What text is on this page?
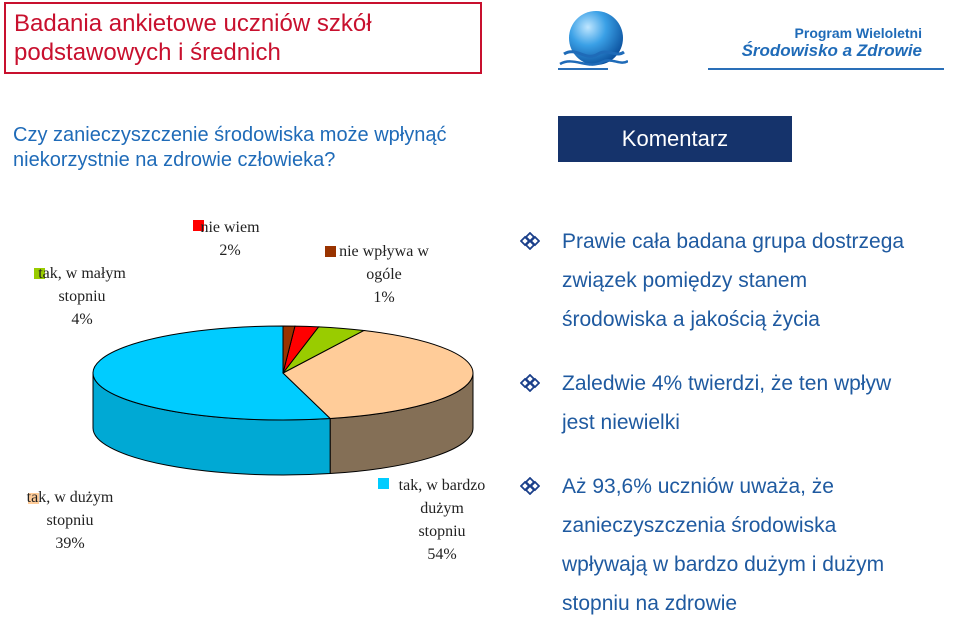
Badania ankietowe uczniów szkół
podstawowych i średnich
Program Wieloletni
Środowisko a Zdrowie
Czy zanieczyszczenie środowiska może wpłynąć
niekorzystnie na zdrowie człowieka?
Komentarz
Prawie cała badana grupa dostrzega
związek pomiędzy stanem
środowiska a jakością życia
Zaledwie 4% twierdzi, że ten wpływ
jest niewielki
Aż 93,6% uczniów uważa, że
zanieczyszczenia środowiska
wpływają w bardzo dużym i dużym
stopniu na zdrowie
tak, w bardzo dużym stopniu 54%
tak, w dużym stopniu 39%
tak, w małym stopniu 4%
nie wiem 2%	nie wpływa w ogóle 1%
